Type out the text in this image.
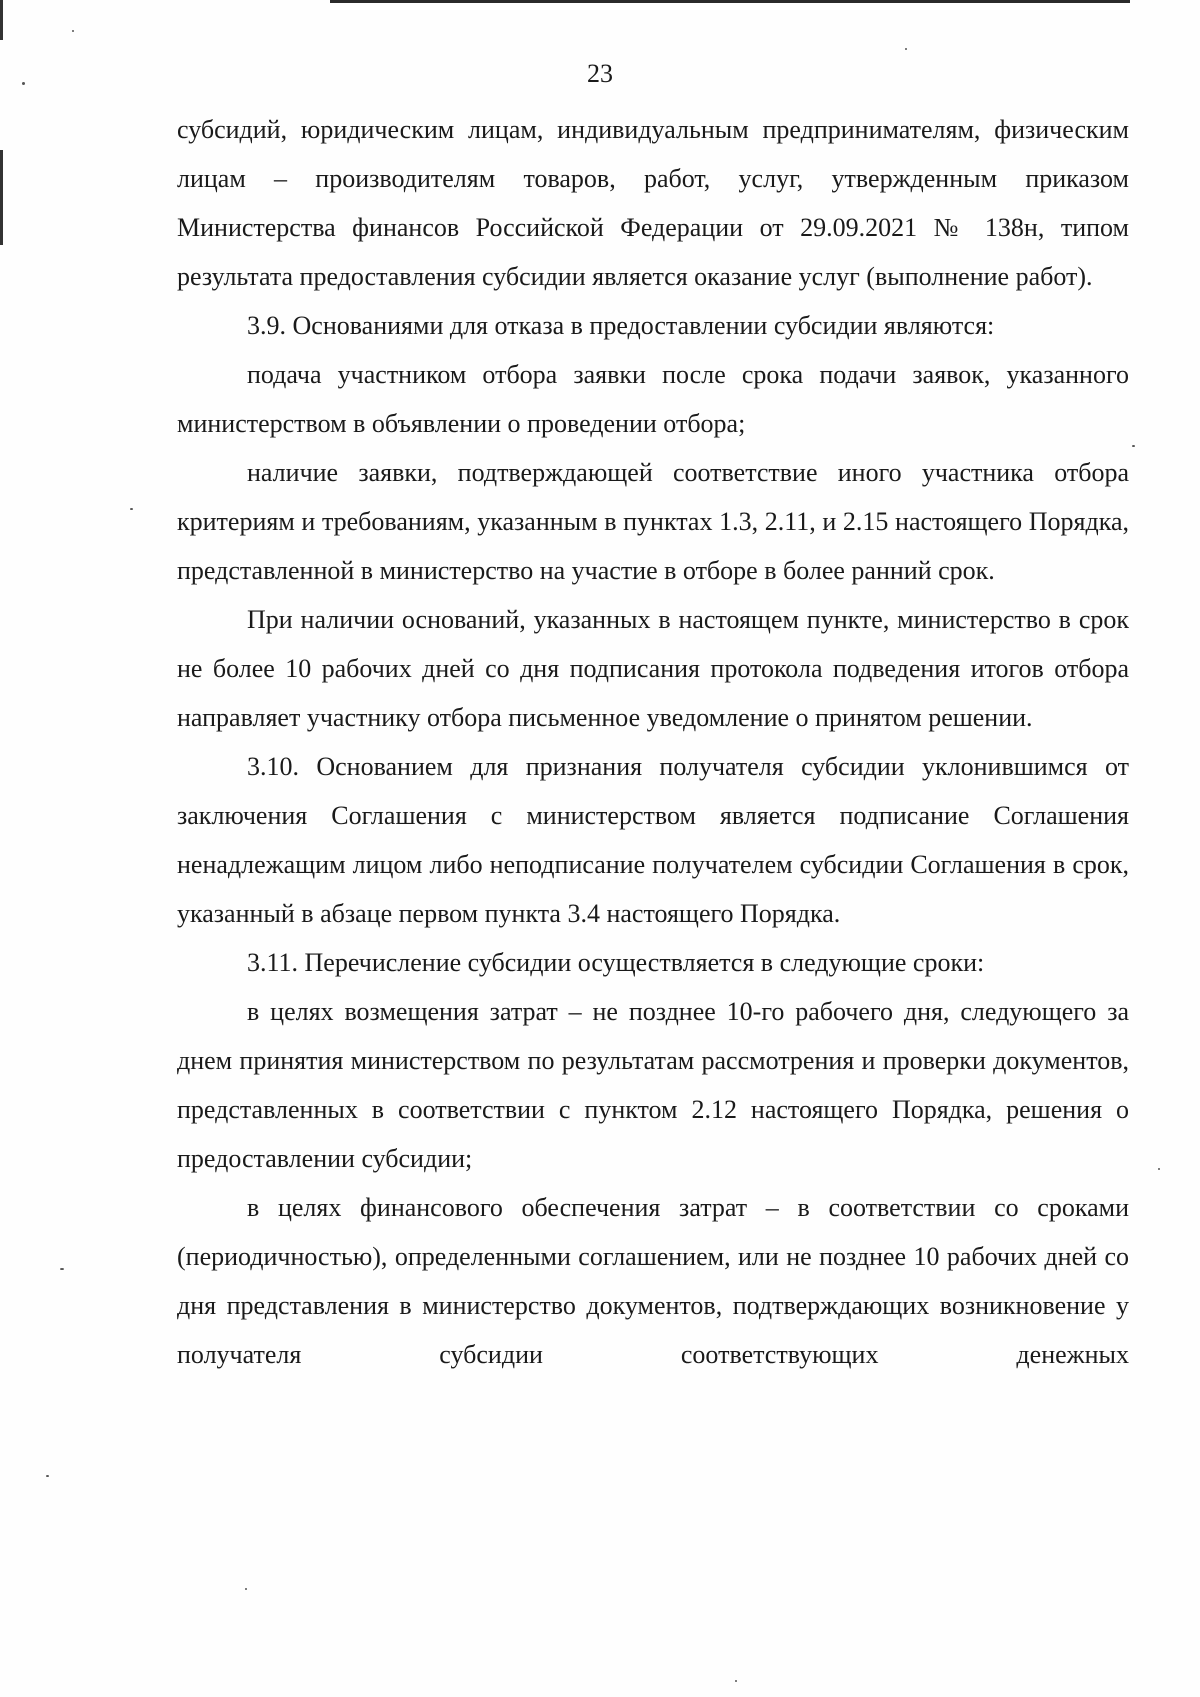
23

субсидий, юридическим лицам, индивидуальным предпринимателям, физическим лицам – производителям товаров, работ, услуг, утвержденным приказом Министерства финансов Российской Федерации от 29.09.2021 № 138н, типом результата предоставления субсидии является оказание услуг (выполнение работ).

3.9. Основаниями для отказа в предоставлении субсидии являются:

подача участником отбора заявки после срока подачи заявок, указанного министерством в объявлении о проведении отбора;

наличие заявки, подтверждающей соответствие иного участника отбора критериям и требованиям, указанным в пунктах 1.3, 2.11, и 2.15 настоящего Порядка, представленной в министерство на участие в отборе в более ранний срок.

При наличии оснований, указанных в настоящем пункте, министерство в срок не более 10 рабочих дней со дня подписания протокола подведения итогов отбора направляет участнику отбора письменное уведомление о принятом решении.

3.10. Основанием для признания получателя субсидии уклонившимся от заключения Соглашения с министерством является подписание Соглашения ненадлежащим лицом либо неподписание получателем субсидии Соглашения в срок, указанный в абзаце первом пункта 3.4 настоящего Порядка.

3.11. Перечисление субсидии осуществляется в следующие сроки:

в целях возмещения затрат – не позднее 10-го рабочего дня, следующего за днем принятия министерством по результатам рассмотрения и проверки документов, представленных в соответствии с пунктом 2.12 настоящего Порядка, решения о предоставлении субсидии;

в целях финансового обеспечения затрат – в соответствии со сроками (периодичностью), определенными соглашением, или не позднее 10 рабочих дней со дня представления в министерство документов, подтверждающих возникновение у получателя субсидии соответствующих денежных
